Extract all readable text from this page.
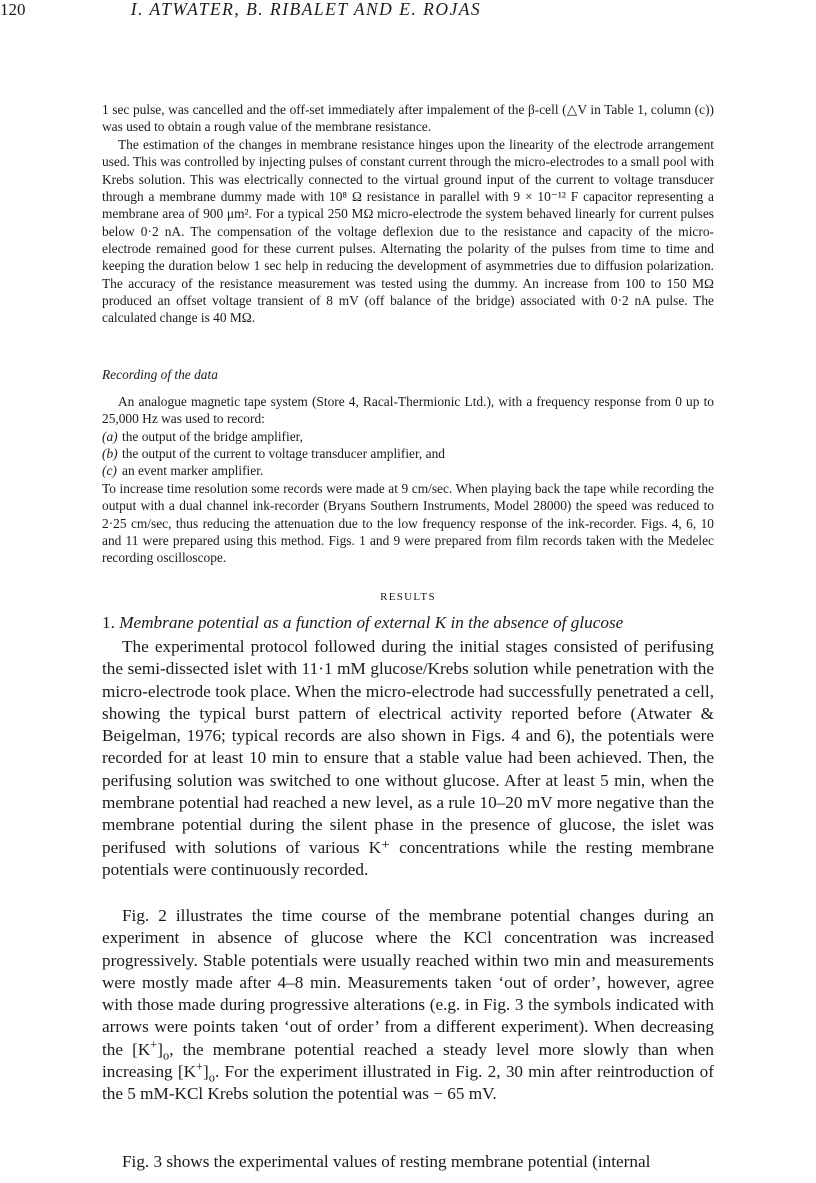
120	I. ATWATER, B. RIBALET AND E. ROJAS
1 sec pulse, was cancelled and the off-set immediately after impalement of the β-cell (△V in Table 1, column (c)) was used to obtain a rough value of the membrane resistance.
The estimation of the changes in membrane resistance hinges upon the linearity of the electrode arrangement used. This was controlled by injecting pulses of constant current through the micro-electrodes to a small pool with Krebs solution. This was electrically connected to the virtual ground input of the current to voltage transducer through a membrane dummy made with 10⁸ Ω resistance in parallel with 9 × 10⁻¹² F capacitor representing a membrane area of 900 μm². For a typical 250 MΩ micro-electrode the system behaved linearly for current pulses below 0·2 nA. The compensation of the voltage deflexion due to the resistance and capacity of the micro-electrode remained good for these current pulses. Alternating the polarity of the pulses from time to time and keeping the duration below 1 sec help in reducing the development of asymmetries due to diffusion polarization. The accuracy of the resistance measurement was tested using the dummy. An increase from 100 to 150 MΩ produced an offset voltage transient of 8 mV (off balance of the bridge) associated with 0·2 nA pulse. The calculated change is 40 MΩ.
Recording of the data
An analogue magnetic tape system (Store 4, Racal-Thermionic Ltd.), with a frequency response from 0 up to 25,000 Hz was used to record:
(a) the output of the bridge amplifier,
(b) the output of the current to voltage transducer amplifier, and
(c) an event marker amplifier.
To increase time resolution some records were made at 9 cm/sec. When playing back the tape while recording the output with a dual channel ink-recorder (Bryans Southern Instruments, Model 28000) the speed was reduced to 2·25 cm/sec, thus reducing the attenuation due to the low frequency response of the ink-recorder. Figs. 4, 6, 10 and 11 were prepared using this method. Figs. 1 and 9 were prepared from film records taken with the Medelec recording oscilloscope.
RESULTS
1. Membrane potential as a function of external K in the absence of glucose
The experimental protocol followed during the initial stages consisted of perifusing the semi-dissected islet with 11·1 mM glucose/Krebs solution while penetration with the micro-electrode took place. When the micro-electrode had successfully penetrated a cell, showing the typical burst pattern of electrical activity reported before (Atwater & Beigelman, 1976; typical records are also shown in Figs. 4 and 6), the potentials were recorded for at least 10 min to ensure that a stable value had been achieved. Then, the perifusing solution was switched to one without glucose. After at least 5 min, when the membrane potential had reached a new level, as a rule 10–20 mV more negative than the membrane potential during the silent phase in the presence of glucose, the islet was perifused with solutions of various K⁺ concentrations while the resting membrane potentials were continuously recorded.
Fig. 2 illustrates the time course of the membrane potential changes during an experiment in absence of glucose where the KCl concentration was increased progressively. Stable potentials were usually reached within two min and measurements were mostly made after 4–8 min. Measurements taken ‘out of order’, however, agree with those made during progressive alterations (e.g. in Fig. 3 the symbols indicated with arrows were points taken ‘out of order’ from a different experiment). When decreasing the $[K^+]_o$, the membrane potential reached a steady level more slowly than when increasing $[K^+]_o$. For the experiment illustrated in Fig. 2, 30 min after reintroduction of the 5 mM-KCl Krebs solution the potential was − 65 mV.
Fig. 3 shows the experimental values of resting membrane potential (internal
